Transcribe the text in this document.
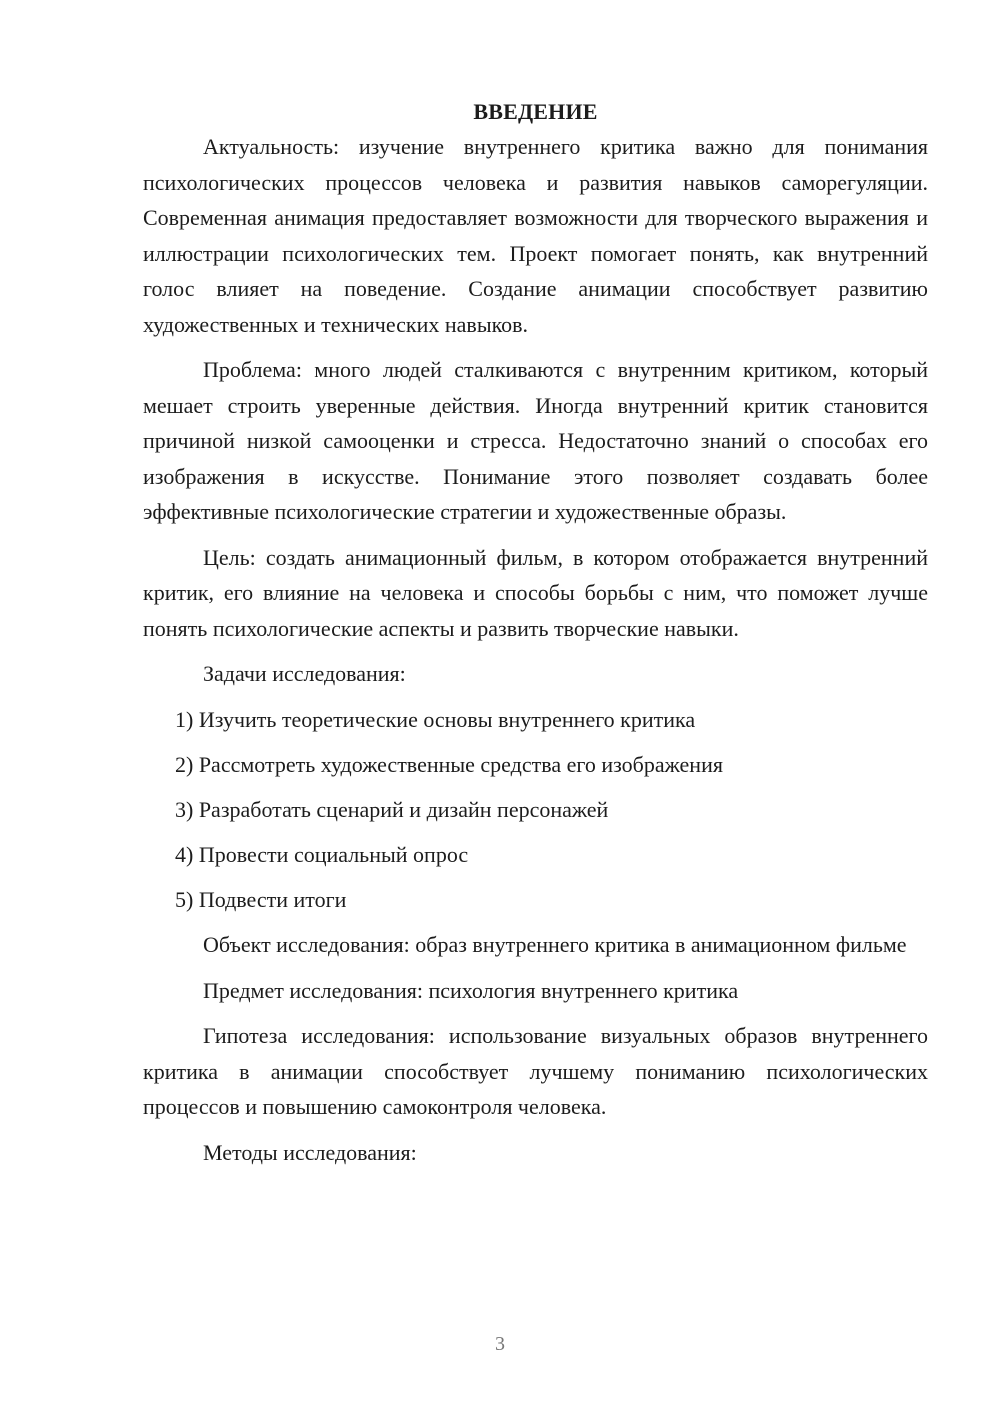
ВВЕДЕНИЕ

Актуальность: изучение внутреннего критика важно для понимания психологических процессов человека и развития навыков саморегуляции. Современная анимация предоставляет возможности для творческого выражения и иллюстрации психологических тем. Проект помогает понять, как внутренний голос влияет на поведение. Создание анимации способствует развитию художественных и технических навыков.

Проблема: много людей сталкиваются с внутренним критиком, который мешает строить уверенные действия. Иногда внутренний критик становится причиной низкой самооценки и стресса. Недостаточно знаний о способах его изображения в искусстве. Понимание этого позволяет создавать более эффективные психологические стратегии и художественные образы.

Цель: создать анимационный фильм, в котором отображается внутренний критик, его влияние на человека и способы борьбы с ним, что поможет лучше понять психологические аспекты и развить творческие навыки.

Задачи исследования:

1) Изучить теоретические основы внутреннего критика

2) Рассмотреть художественные средства его изображения

3) Разработать сценарий и дизайн персонажей

4) Провести социальный опрос

5) Подвести итоги

Объект исследования: образ внутреннего критика в анимационном фильме

Предмет исследования: психология внутреннего критика

Гипотеза исследования: использование визуальных образов внутреннего критика в анимации способствует лучшему пониманию психологических процессов и повышению самоконтроля человека.

Методы исследования:

3
